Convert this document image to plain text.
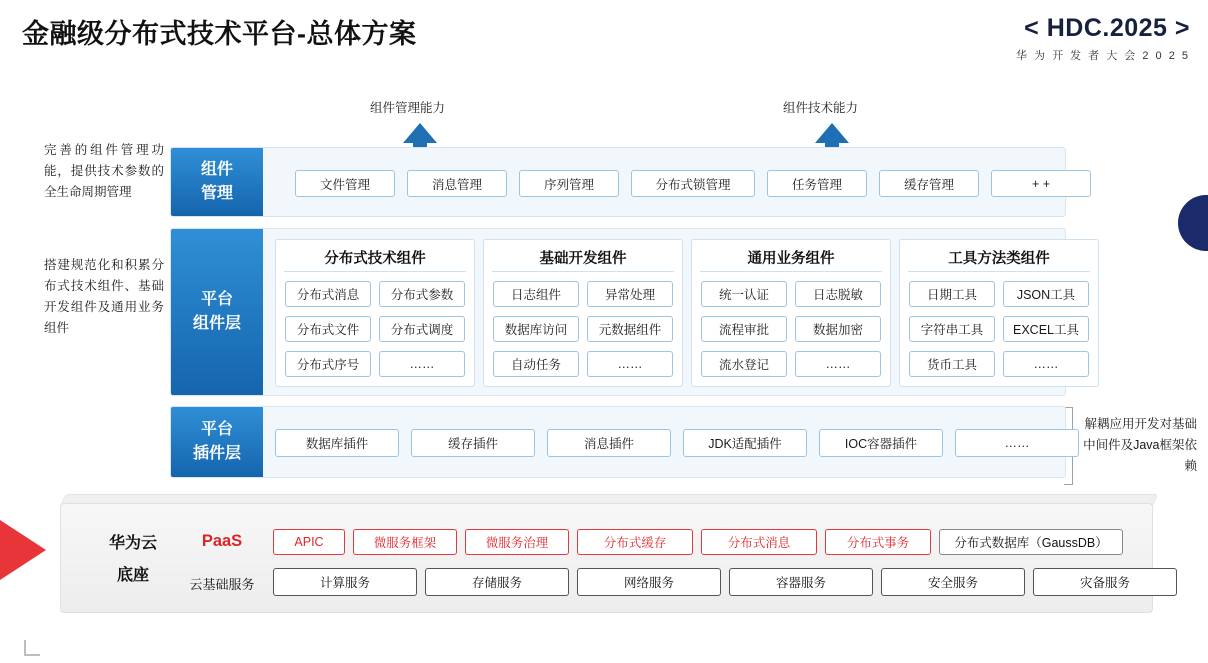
金融级分布式技术平台-总体方案	< HDC.2025 >
华 为 开 发 者 大 会 2 0 2 5
组件管理能力	组件技术能力
完善的组件管理功能，提供技术参数的全生命周期管理
搭建规范化和积累分布式技术组件、基础开发组件及通用业务组件
解耦应用开发对基础中间件及Java框架依赖
组件
管理
文件管理	消息管理	序列管理	分布式锁管理	任务管理	缓存管理	+ +
平台
组件层
分布式技术组件
分布式消息	分布式参数
分布式文件	分布式调度
分布式序号	……
基础开发组件
日志组件	异常处理
数据库访问	元数据组件
自动任务	……
通用业务组件
统一认证	日志脱敏
流程审批	数据加密
流水登记	……
工具方法类组件
日期工具	JSON工具
字符串工具	EXCEL工具
货币工具	……
平台
插件层
数据库插件	缓存插件	消息插件	JDK适配插件	IOC容器插件	……
华为云
底座
PaaS
云基础服务
APIC	微服务框架	微服务治理	分布式缓存	分布式消息	分布式事务	分布式数据库（GaussDB）
计算服务	存储服务	网络服务	容器服务	安全服务	灾备服务
